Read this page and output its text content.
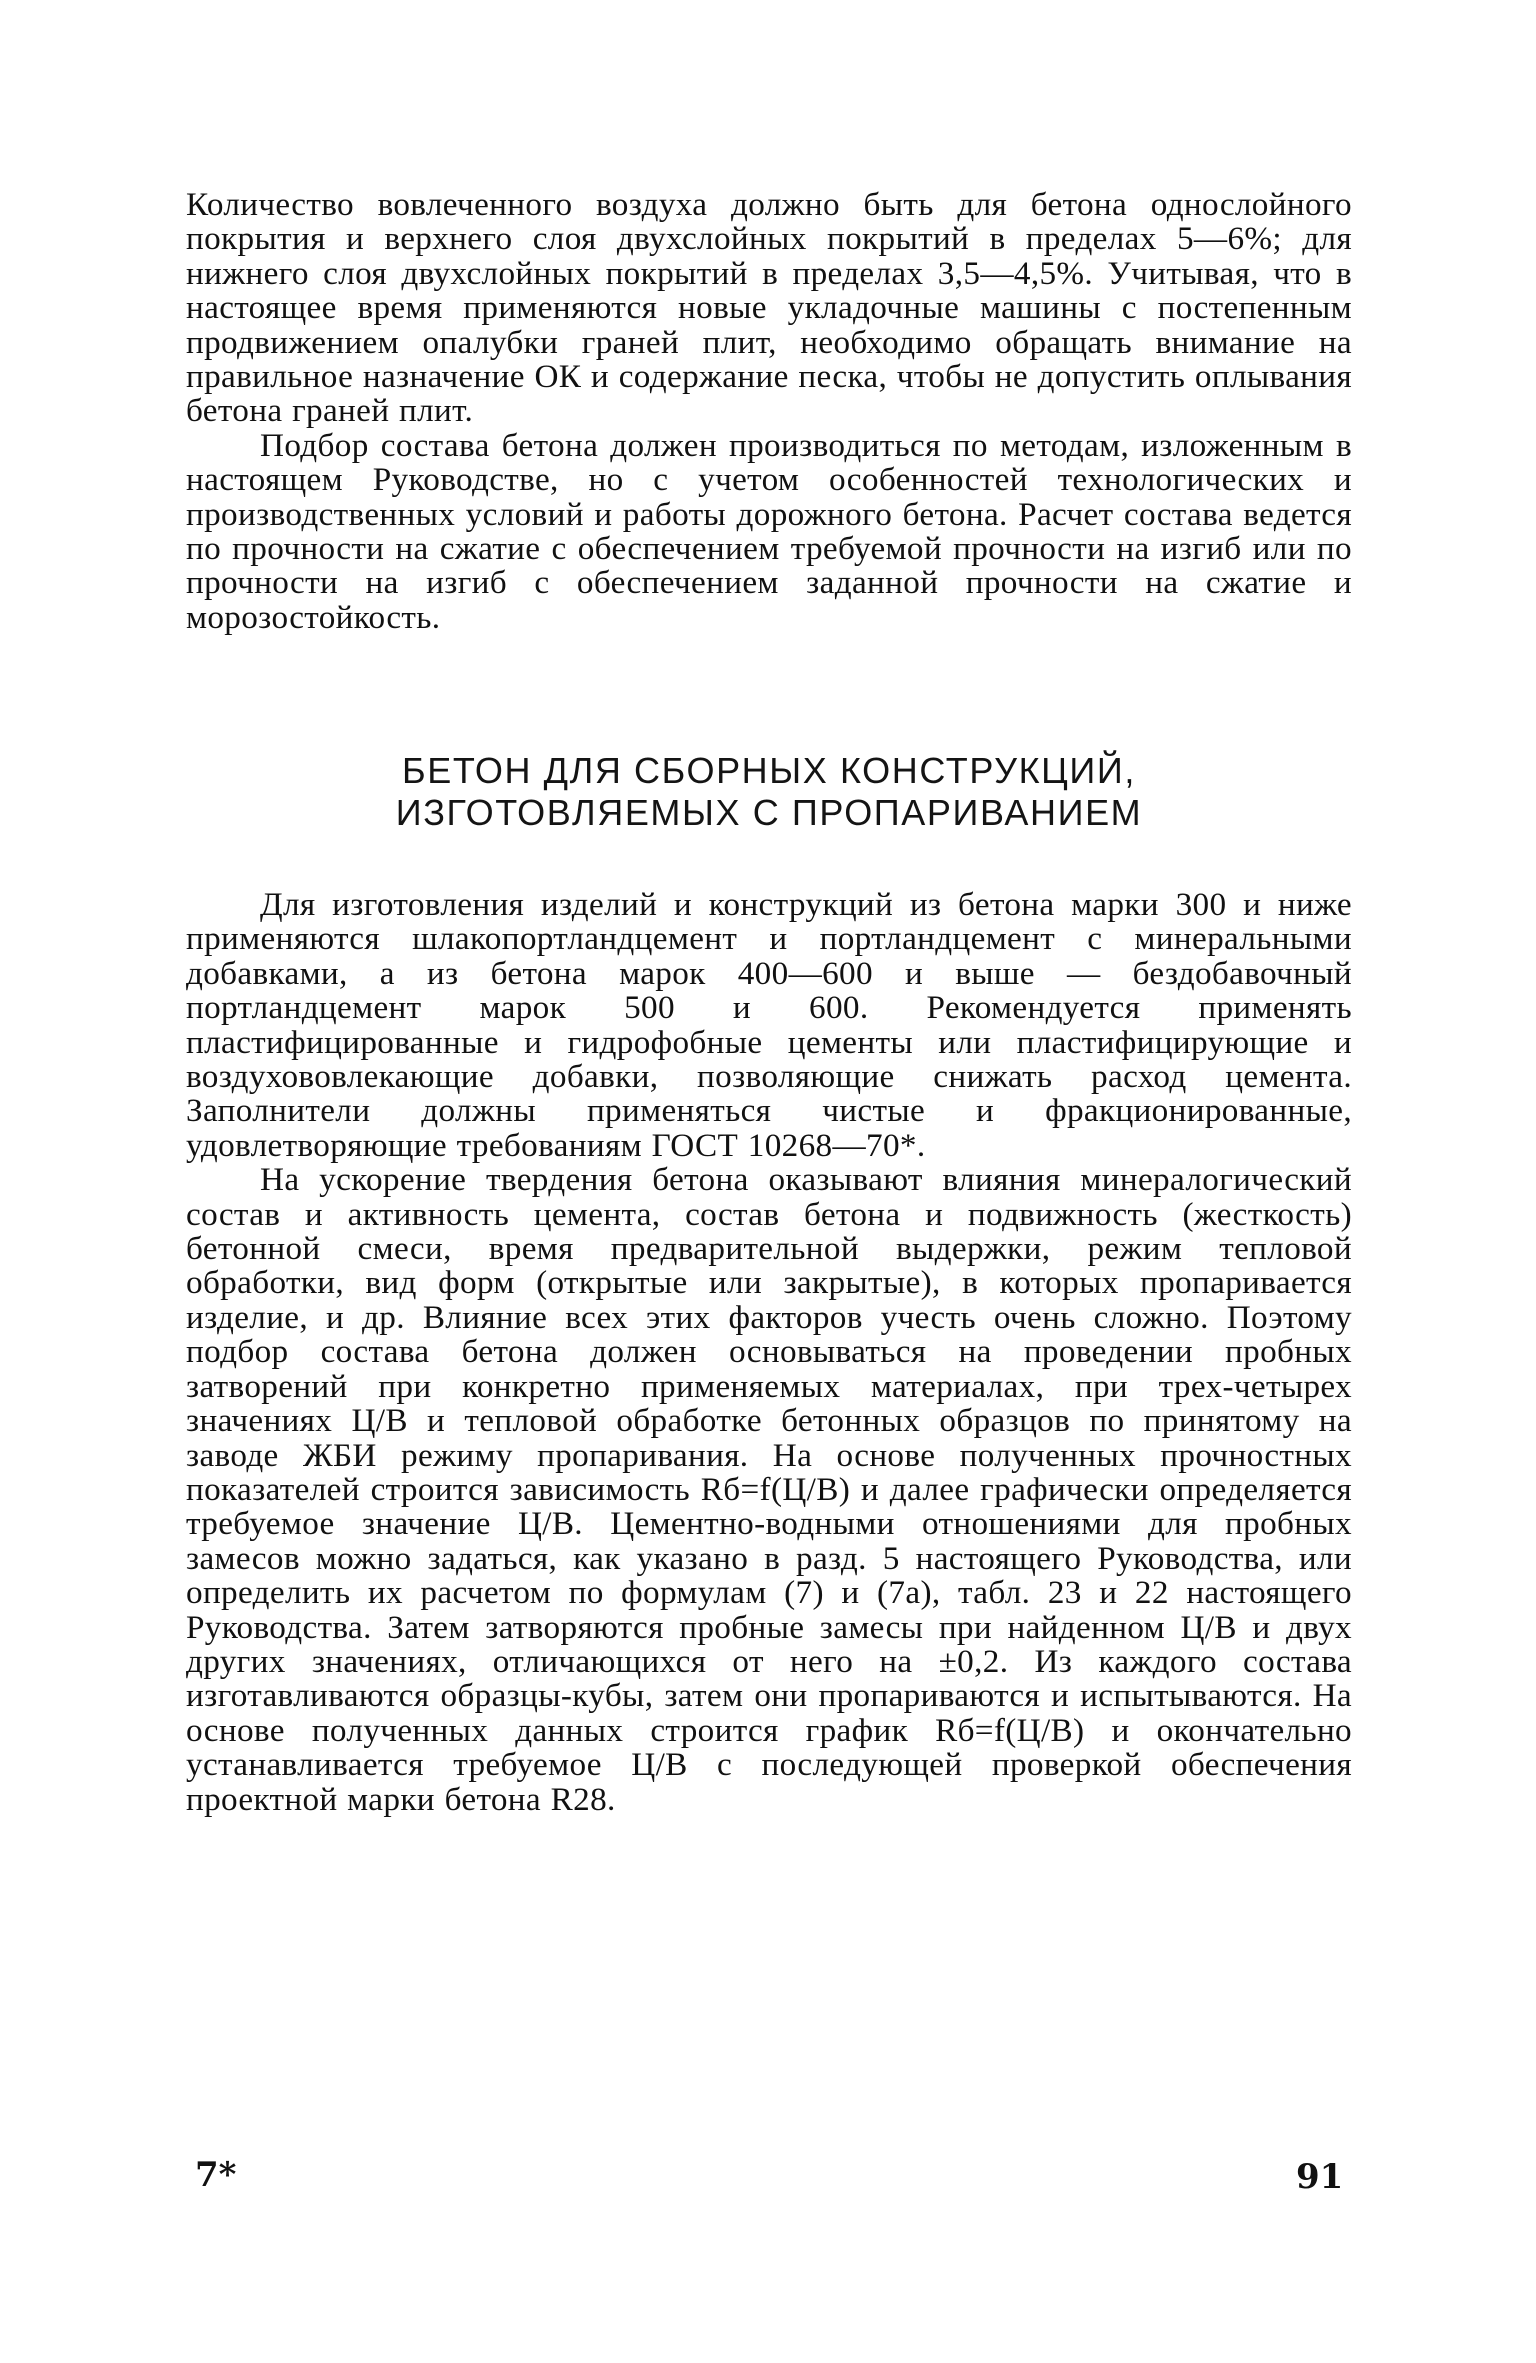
Количество вовлеченного воздуха должно быть для бетона однослойного покрытия и верхнего слоя двухслойных покрытий в пределах 5—6%; для нижнего слоя двухслойных покрытий в пределах 3,5—4,5%. Учитывая, что в настоящее время применяются новые укладочные машины с постепенным продвижением опалубки граней плит, необходимо обращать внимание на правильное назначение ОК и содержание песка, чтобы не допустить оплывания бетона граней плит.

Подбор состава бетона должен производиться по методам, изложенным в настоящем Руководстве, но с учетом особенностей технологических и производственных условий и работы дорожного бетона. Расчет состава ведется по прочности на сжатие с обеспечением требуемой прочности на изгиб или по прочности на изгиб с обеспечением заданной прочности на сжатие и морозостойкость.

БЕТОН ДЛЯ СБОРНЫХ КОНСТРУКЦИЙ,
ИЗГОТОВЛЯЕМЫХ С ПРОПАРИВАНИЕМ

Для изготовления изделий и конструкций из бетона марки 300 и ниже применяются шлакопортландцемент и портландцемент с минеральными добавками, а из бетона марок 400—600 и выше — бездобавочный портландцемент марок 500 и 600. Рекомендуется применять пластифицированные и гидрофобные цементы или пластифицирующие и воздухововлекающие добавки, позволяющие снижать расход цемента. Заполнители должны применяться чистые и фракционированные, удовлетворяющие требованиям ГОСТ 10268—70*.

На ускорение твердения бетона оказывают влияния минералогический состав и активность цемента, состав бетона и подвижность (жесткость) бетонной смеси, время предварительной выдержки, режим тепловой обработки, вид форм (открытые или закрытые), в которых пропаривается изделие, и др. Влияние всех этих факторов учесть очень сложно. Поэтому подбор состава бетона должен основываться на проведении пробных затворений при конкретно применяемых материалах, при трех-четырех значениях Ц/В и тепловой обработке бетонных образцов по принятому на заводе ЖБИ режиму пропаривания. На основе полученных прочностных показателей строится зависимость Rб=f(Ц/В) и далее графически определяется требуемое значение Ц/В. Цементно-водными отношениями для пробных замесов можно задаться, как указано в разд. 5 настоящего Руководства, или определить их расчетом по формулам (7) и (7а), табл. 23 и 22 настоящего Руководства. Затем затворяются пробные замесы при найденном Ц/В и двух других значениях, отличающихся от него на ±0,2. Из каждого состава изготавливаются образцы-кубы, затем они пропариваются и испытываются. На основе полученных данных строится график Rб=f(Ц/В) и окончательно устанавливается требуемое Ц/В с последующей проверкой обеспечения проектной марки бетона R28.

7*	91
